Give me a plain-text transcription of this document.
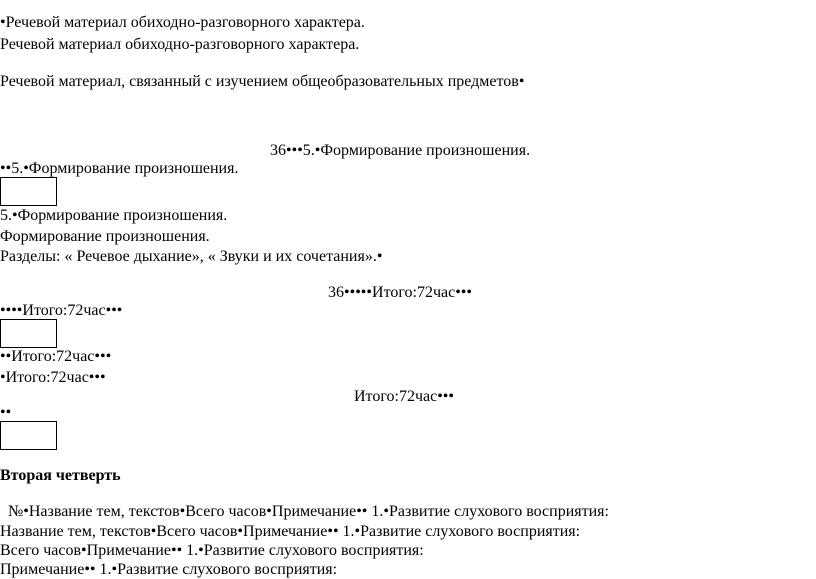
•Речевой материал обиходно-разговорного характера.
Речевой материал обиходно-разговорного характера.
Речевой материал, связанный с изучением общеобразовательных предметов•
36•••5.•Формирование произношения.
••5.•Формирование произношения.
5.•Формирование произношения.
Формирование произношения.
Разделы: « Речевое дыхание», « Звуки и их сочетания».•
36•••••Итого:72час•••
••••Итого:72час•••
••Итого:72час•••
•Итого:72час•••
Итого:72час•••
••
Вторая четверть
№•Название тем, текстов•Всего часов•Примечание•• 1.•Развитие слухового восприятия:
Название тем, текстов•Всего часов•Примечание•• 1.•Развитие слухового восприятия:
Всего часов•Примечание•• 1.•Развитие слухового восприятия:
Примечание•• 1.•Развитие слухового восприятия:
